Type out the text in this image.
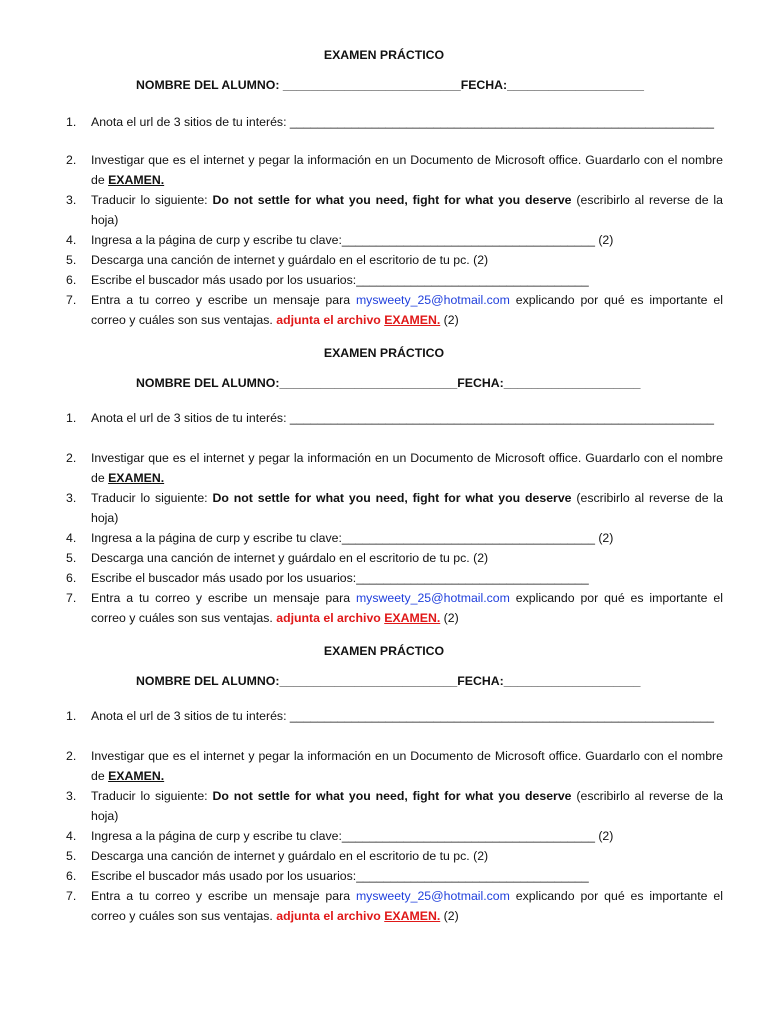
EXAMEN PRÁCTICO
NOMBRE DEL ALUMNO: __________________________FECHA:____________________
1. Anota el url de 3 sitios de tu interés: ______________________________________________________________
2. Investigar que es el internet y pegar la información en un Documento de Microsoft office. Guardarlo con el nombre de EXAMEN.
3. Traducir lo siguiente: Do not settle for what you need, fight for what you deserve (escribirlo al reverse de la hoja)
4. Ingresa a la página de curp y escribe tu clave:_____________________________________ (2)
5. Descarga una canción de internet y guárdalo en el escritorio de tu pc. (2)
6. Escribe el buscador más usado por los usuarios:__________________________________
7. Entra a tu correo y escribe un mensaje para mysweety_25@hotmail.com explicando por qué es importante el correo y cuáles son sus ventajas. adjunta el archivo EXAMEN. (2)
EXAMEN PRÁCTICO
NOMBRE DEL ALUMNO:__________________________FECHA:____________________
1. Anota el url de 3 sitios de tu interés: ______________________________________________________________
2. Investigar que es el internet y pegar la información en un Documento de Microsoft office. Guardarlo con el nombre de EXAMEN.
3. Traducir lo siguiente: Do not settle for what you need, fight for what you deserve (escribirlo al reverse de la hoja)
4. Ingresa a la página de curp y escribe tu clave:_____________________________________ (2)
5. Descarga una canción de internet y guárdalo en el escritorio de tu pc. (2)
6. Escribe el buscador más usado por los usuarios:__________________________________
7. Entra a tu correo y escribe un mensaje para mysweety_25@hotmail.com explicando por qué es importante el correo y cuáles son sus ventajas. adjunta el archivo EXAMEN. (2)
EXAMEN PRÁCTICO
NOMBRE DEL ALUMNO:__________________________FECHA:____________________
1. Anota el url de 3 sitios de tu interés: ______________________________________________________________
2. Investigar que es el internet y pegar la información en un Documento de Microsoft office. Guardarlo con el nombre de EXAMEN.
3. Traducir lo siguiente: Do not settle for what you need, fight for what you deserve (escribirlo al reverse de la hoja)
4. Ingresa a la página de curp y escribe tu clave:_____________________________________ (2)
5. Descarga una canción de internet y guárdalo en el escritorio de tu pc. (2)
6. Escribe el buscador más usado por los usuarios:__________________________________
7. Entra a tu correo y escribe un mensaje para mysweety_25@hotmail.com explicando por qué es importante el correo y cuáles son sus ventajas. adjunta el archivo EXAMEN. (2)
